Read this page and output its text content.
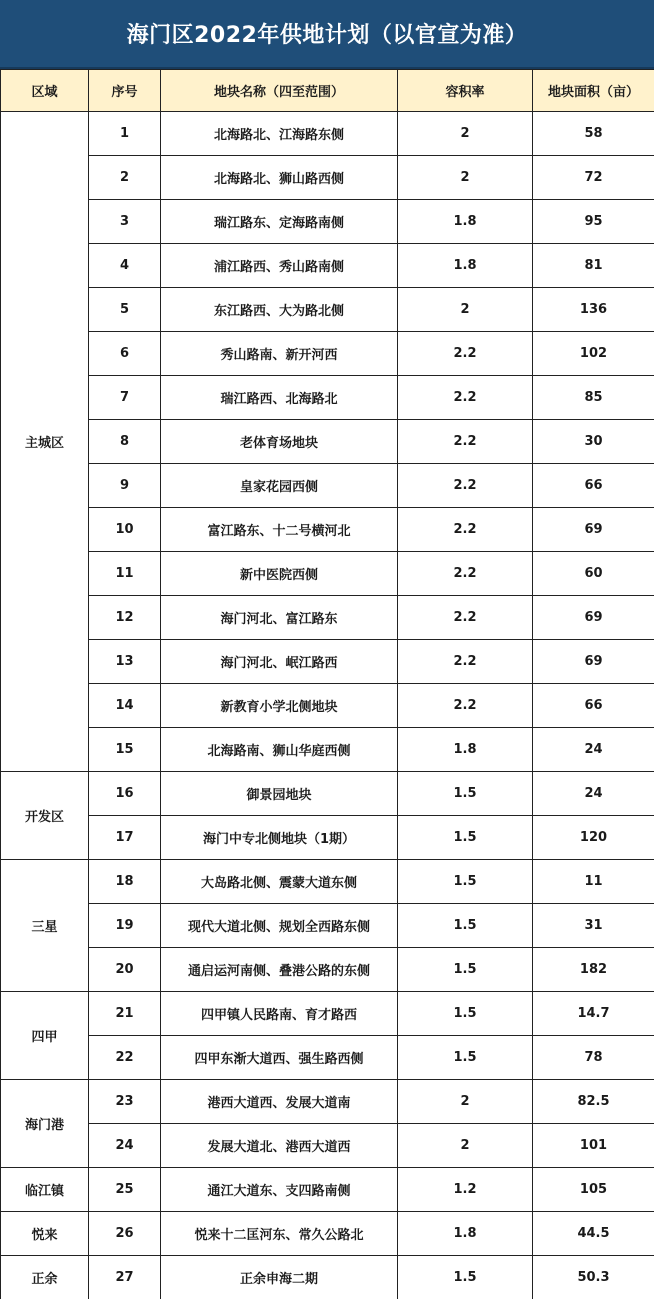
海门区2022年供地计划（以官宣为准）
区域	序号	地块名称（四至范围）	容积率	地块面积（亩）
主城区	1	北海路北、江海路东侧	2	58
	2	北海路北、狮山路西侧	2	72
	3	瑞江路东、定海路南侧	1.8	95
	4	浦江路西、秀山路南侧	1.8	81
	5	东江路西、大为路北侧	2	136
	6	秀山路南、新开河西	2.2	102
	7	瑞江路西、北海路北	2.2	85
	8	老体育场地块	2.2	30
	9	皇家花园西侧	2.2	66
	10	富江路东、十二号横河北	2.2	69
	11	新中医院西侧	2.2	60
	12	海门河北、富江路东	2.2	69
	13	海门河北、岷江路西	2.2	69
	14	新教育小学北侧地块	2.2	66
	15	北海路南、狮山华庭西侧	1.8	24
开发区	16	御景园地块	1.5	24
	17	海门中专北侧地块（1期）	1.5	120
三星	18	大岛路北侧、震蒙大道东侧	1.5	11
	19	现代大道北侧、规划全西路东侧	1.5	31
	20	通启运河南侧、叠港公路的东侧	1.5	182
四甲	21	四甲镇人民路南、育才路西	1.5	14.7
	22	四甲东渐大道西、强生路西侧	1.5	78
海门港	23	港西大道西、发展大道南	2	82.5
	24	发展大道北、港西大道西	2	101
临江镇	25	通江大道东、支四路南侧	1.2	105
悦来	26	悦来十二匡河东、常久公路北	1.8	44.5
正余	27	正余申海二期	1.5	50.3
